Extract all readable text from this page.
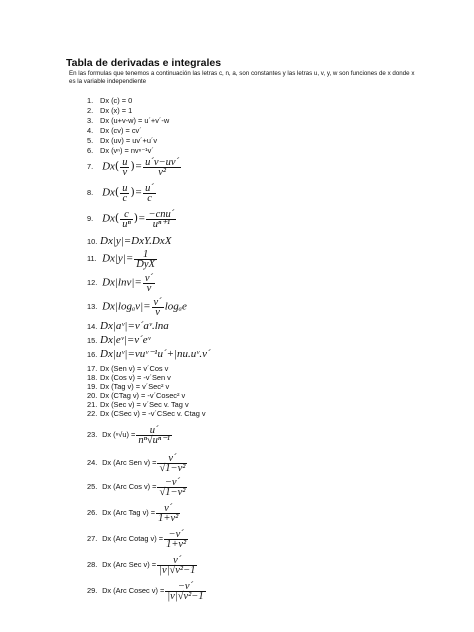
Tabla de derivadas e integrales
En las formulas que tenemos a continuación las letras c, n, a, son constantes y las letras u, v, y, w son funciones de x donde x es la variable independiente
1. Dx (c) = 0
2. Dx (x) = 1
3. Dx (u+v-w) = u´+v´-w
4. Dx (cv) = cv´
5. Dx (uv) = uv´+u´v
6. Dx (vⁿ) = nvⁿ⁻¹v´
7. $Dx( \frac{u}{v}$ )= $\frac{u´v-uv´}{\text{v²}}$
8. $Dx( \frac{u}{c}$ )= $\frac{u´}{c}$
9. $Dx( \frac{c}{\text{uⁿ}}$ )= $\frac{\text{−cnu´}}{\text{uⁿ⁺¹}}$
10. Dx|y|=DxY.DxX
11. $Dx|y|= \frac{1}{\text{DyX}}$
12. $Dx|\ln v|= \frac{v´}{v}$
13. $Dx|\log_av|= \frac{v´}{v}$ logₐe
14. Dx|aᵛ|=v´aᵛ.lna
15. Dx|eᵛ|=v´eᵛ
16. Dx|uᵛ|=vuᵛ⁻¹u´+|nu.uᵛ.v´
17. Dx (Sen v) = v´Cos v
18. Dx (Cos v) = -v´Sen v
19. Dx (Tag v) = v´Sec² v
20. Dx (CTag v) = -v´Cosec² v
21. Dx (Sec v) = v´Sec v. Tag v
22. Dx (CSec v) = -v´CSec v. Ctag v
23. Dx $(^n√u) = \frac{u´}{\text{nⁿ√uⁿ⁻¹}}$
24. Dx (Arc Sen $v) = \frac{v´}{\text{√1−v²}}$
25. Dx (Arc Cos $v) = \frac{-v´}{\text{√1−v²}}$
26. Dx (Arc Tag $v) = \frac{v´}{\text{1+v²}}$
27. Dx (Arc Cotag $v) = \frac{-v´}{\text{1+v²}}$
28. Dx (Arc Sec $v) = \frac{v´}{\text{|v|√v²−1}}$
29. Dx (Arc Cosec $v) = \frac{-v´}{\text{|v|√v²−1}}$
